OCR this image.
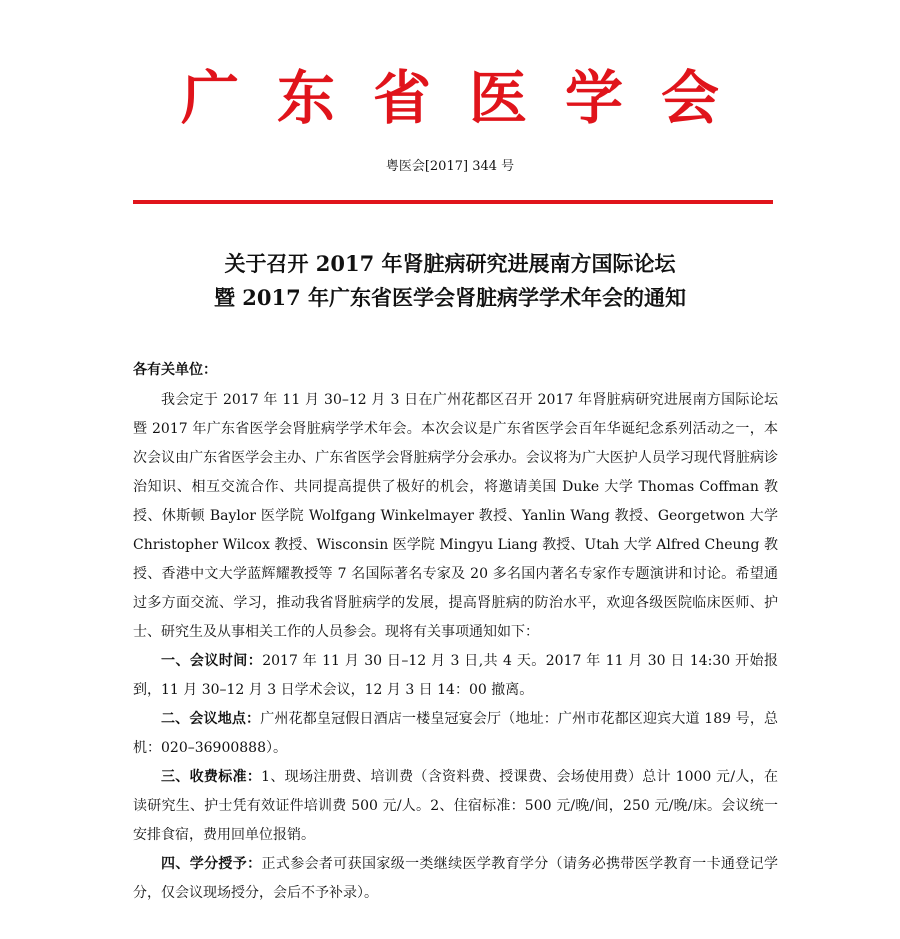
广东省医学会
粤医会[2017] 344 号
关于召开 2017 年肾脏病研究进展南方国际论坛
暨 2017 年广东省医学会肾脏病学学术年会的通知
各有关单位：

我会定于 2017 年 11 月 30–12 月 3 日在广州花都区召开 2017 年肾脏病研究进展南方国际论坛暨 2017 年广东省医学会肾脏病学学术年会。本次会议是广东省医学会百年华诞纪念系列活动之一，本次会议由广东省医学会主办、广东省医学会肾脏病学分会承办。会议将为广大医护人员学习现代肾脏病诊治知识、相互交流合作、共同提高提供了极好的机会，将邀请美国 Duke 大学 Thomas Coffman 教授、休斯顿 Baylor 医学院 Wolfgang Winkelmayer 教授、Yanlin Wang 教授、Georgetwon 大学 Christopher Wilcox 教授、Wisconsin 医学院 Mingyu Liang 教授、Utah 大学 Alfred Cheung 教授、香港中文大学蓝辉耀教授等 7 名国际著名专家及 20 多名国内著名专家作专题演讲和讨论。希望通过多方面交流、学习，推动我省肾脏病学的发展，提高肾脏病的防治水平，欢迎各级医院临床医师、护士、研究生及从事相关工作的人员参会。现将有关事项通知如下：

一、会议时间：2017 年 11 月 30 日–12 月 3 日,共 4 天。2017 年 11 月 30 日 14:30 开始报到，11 月 30–12 月 3 日学术会议，12 月 3 日 14：00 撤离。

二、会议地点：广州花都皇冠假日酒店一楼皇冠宴会厅（地址：广州市花都区迎宾大道 189 号，总机：020–36900888）。

三、收费标准：1、现场注册费、培训费（含资料费、授课费、会场使用费）总计 1000 元/人，在读研究生、护士凭有效证件培训费 500 元/人。2、住宿标准：500 元/晚/间，250 元/晚/床。会议统一安排食宿，费用回单位报销。

四、学分授予：正式参会者可获国家级一类继续医学教育学分（请务必携带医学教育一卡通登记学分，仅会议现场授分，会后不予补录）。
